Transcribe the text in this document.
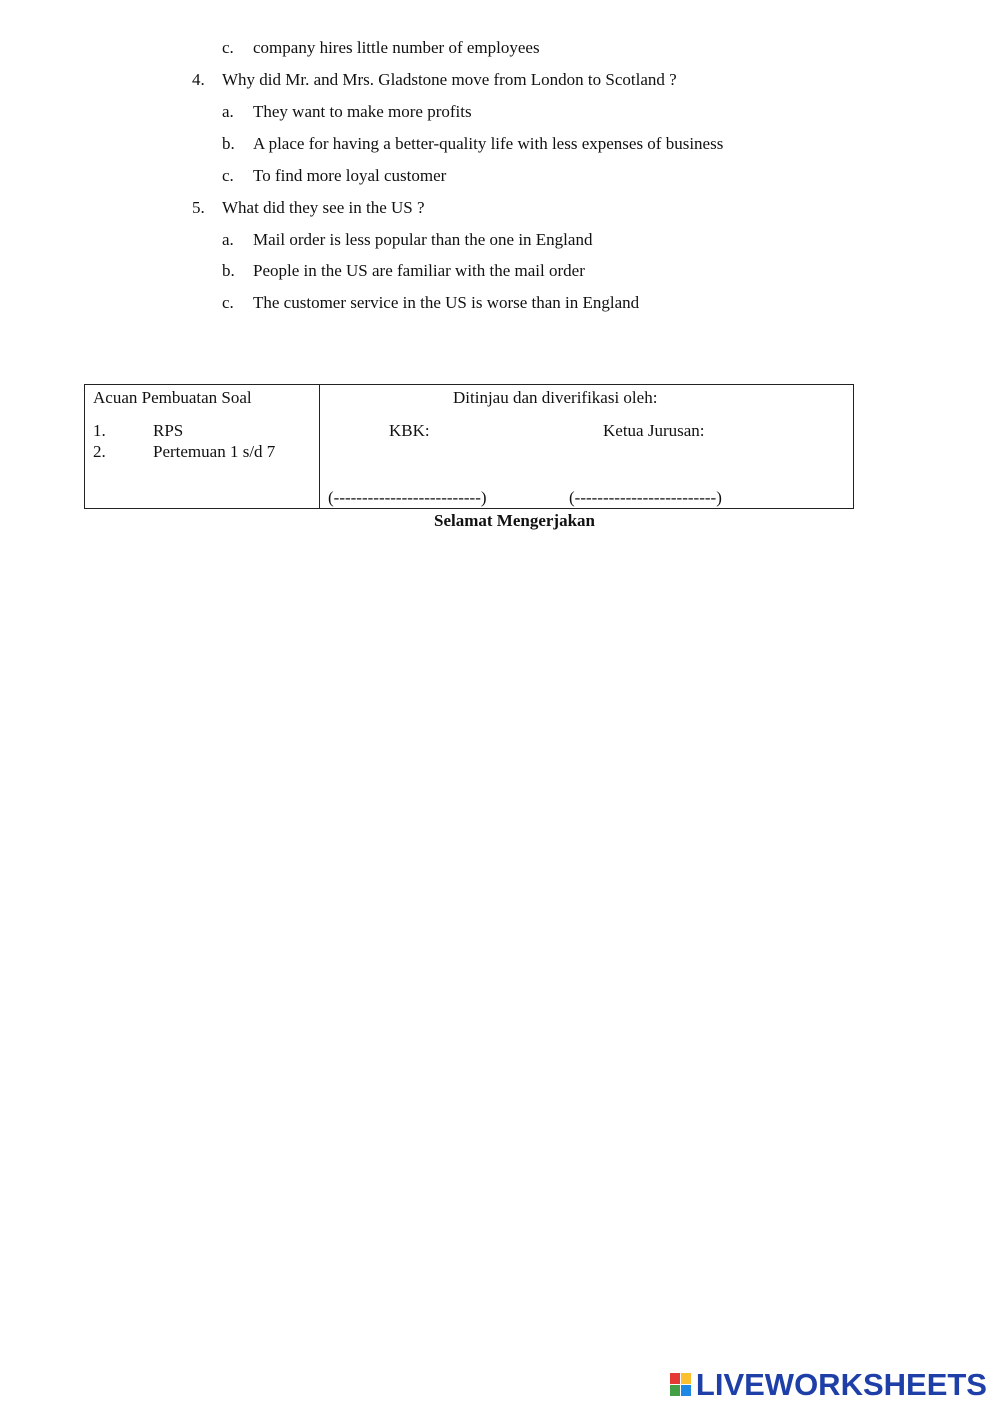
c. company hires little number of employees
4. Why did Mr. and Mrs. Gladstone move from London to Scotland ?
a. They want to make more profits
b. A place for having a better-quality life with less expenses of business
c. To find more loyal customer
5. What did they see in the US ?
a. Mail order is less popular than the one in England
b. People in the US are familiar with the mail order
c. The customer service in the US is worse than in England
Acuan Pembuatan Soal
1.	RPS
2.	Pertemuan 1 s/d 7
Ditinjau dan diverifikasi oleh:
KBK:	Ketua Jurusan:
(--------------------------)	(-------------------------)
Selamat Mengerjakan
LIVEWORKSHEETS
